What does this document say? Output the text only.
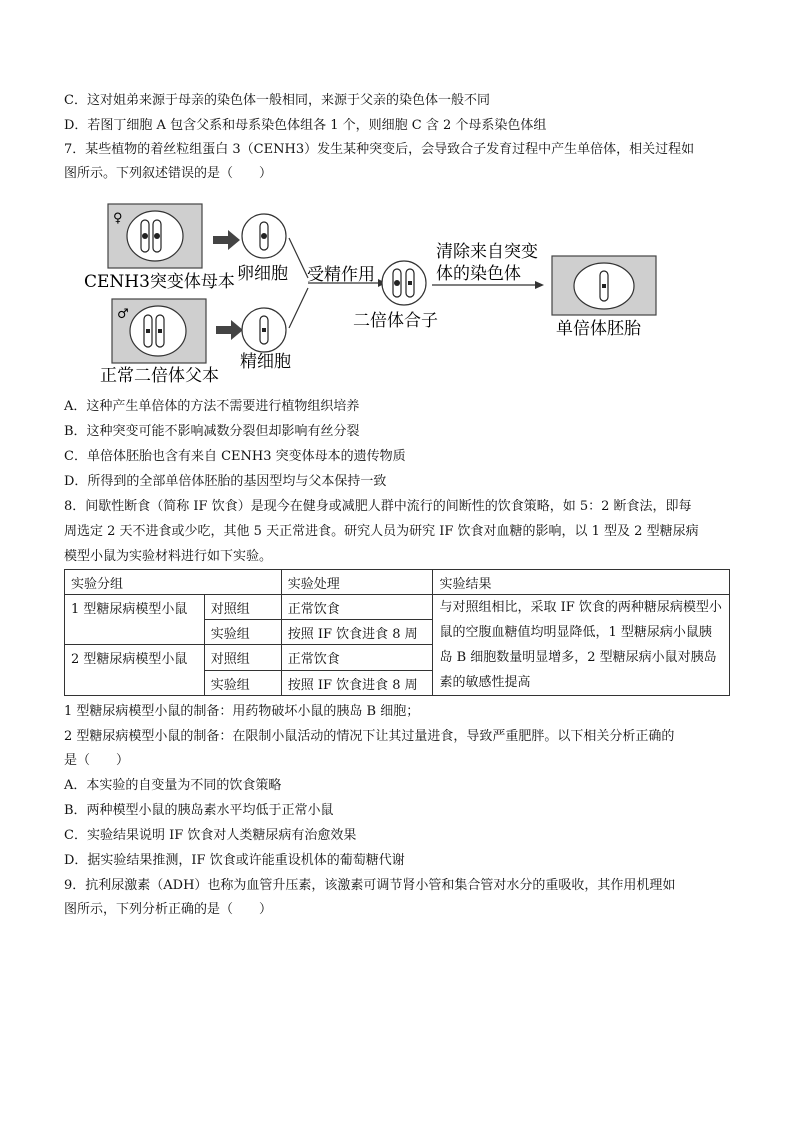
C．这对姐弟来源于母亲的染色体一般相同，来源于父亲的染色体一般不同
D．若图丁细胞 A 包含父系和母系染色体组各 1 个，则细胞 C 含 2 个母系染色体组
7．某些植物的着丝粒组蛋白 3（CENH3）发生某种突变后，会导致合子发育过程中产生单倍体，相关过程如
图所示。下列叙述错误的是（　　）
♀
CENH3突变体母本
♂
正常二倍体父本
卵细胞
精细胞
受精作用
二倍体合子
清除来自突变
体的染色体
单倍体胚胎
A．这种产生单倍体的方法不需要进行植物组织培养
B．这种突变可能不影响减数分裂但却影响有丝分裂
C．单倍体胚胎也含有来自 CENH3 突变体母本的遗传物质
D．所得到的全部单倍体胚胎的基因型均与父本保持一致
8．间歇性断食（简称 IF 饮食）是现今在健身或减肥人群中流行的间断性的饮食策略，如 5：2 断食法，即每
周选定 2 天不进食或少吃，其他 5 天正常进食。研究人员为研究 IF 饮食对血糖的影响，以 1 型及 2 型糖尿病
模型小鼠为实验材料进行如下实验。
实验分组		实验处理	实验结果
1 型糖尿病模型小鼠	对照组	正常饮食	与对照组相比，采取 IF 饮食的两种糖尿病模型小鼠的空腹血糖值均明显降低，1 型糖尿病小鼠胰岛 B 细胞数量明显增多，2 型糖尿病小鼠对胰岛素的敏感性提高
	实验组	按照 IF 饮食进食 8 周	
2 型糖尿病模型小鼠	对照组	正常饮食	
	实验组	按照 IF 饮食进食 8 周	
1 型糖尿病模型小鼠的制备：用药物破坏小鼠的胰岛 B 细胞；
2 型糖尿病模型小鼠的制备：在限制小鼠活动的情况下让其过量进食，导致严重肥胖。以下相关分析正确的
是（　　）
A．本实验的自变量为不同的饮食策略
B．两种模型小鼠的胰岛素水平均低于正常小鼠
C．实验结果说明 IF 饮食对人类糖尿病有治愈效果
D．据实验结果推测，IF 饮食或许能重设机体的葡萄糖代谢
9．抗利尿激素（ADH）也称为血管升压素，该激素可调节肾小管和集合管对水分的重吸收，其作用机理如
图所示，下列分析正确的是（　　）
